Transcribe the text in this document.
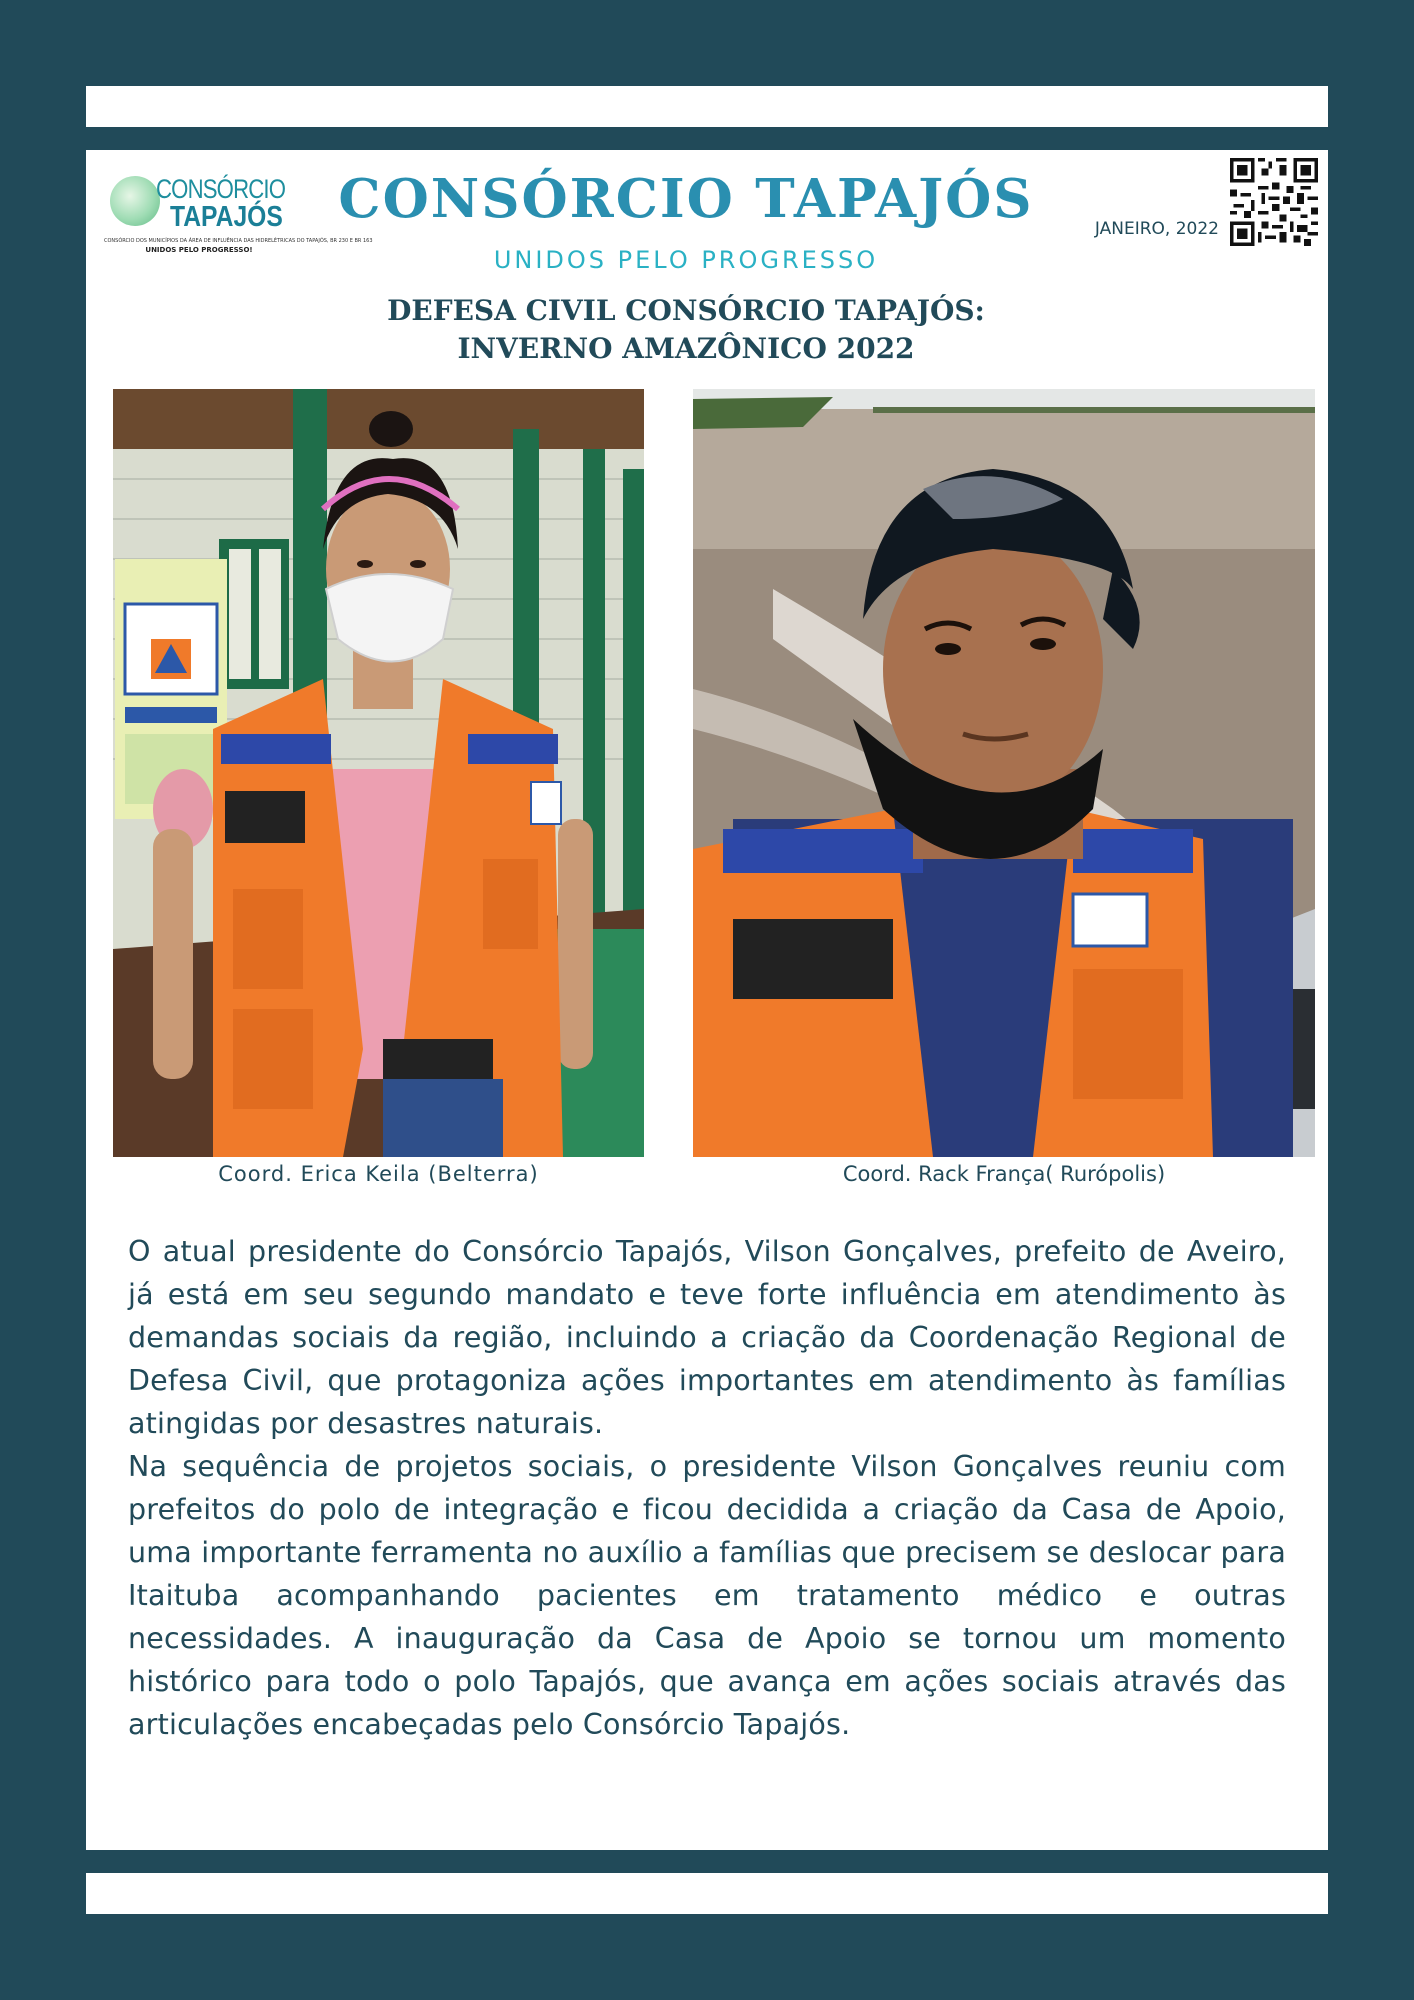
CONSÓRCIO
TAPAJÓS
CONSÓRCIO DOS MUNICÍPIOS DA ÁREA DE INFLUÊNCIA DAS HIDRELÉTRICAS DO TAPAJÓS, BR 230 E BR 163
UNIDOS PELO PROGRESSO!
CONSÓRCIO TAPAJÓS
UNIDOS PELO PROGRESSO
JANEIRO, 2022
DEFESA CIVIL CONSÓRCIO TAPAJÓS:
INVERNO AMAZÔNICO 2022
Coord. Erica Keila (Belterra)	Coord. Rack França( Rurópolis)

O atual presidente do Consórcio Tapajós, Vilson Gonçalves, prefeito de Aveiro, já está em seu segundo mandato e teve forte influência em atendimento às demandas sociais da região, incluindo a criação da Coordenação Regional de Defesa Civil, que protagoniza ações importantes em atendimento às famílias atingidas por desastres naturais.

Na sequência de projetos sociais, o presidente Vilson Gonçalves reuniu com prefeitos do polo de integração e ficou decidida a criação da Casa de Apoio, uma importante ferramenta no auxílio a famílias que precisem se deslocar para Itaituba acompanhando pacientes em tratamento médico e outras necessidades. A inauguração da Casa de Apoio se tornou um momento histórico para todo o polo Tapajós, que avança em ações sociais através das articulações encabeçadas pelo Consórcio Tapajós.
